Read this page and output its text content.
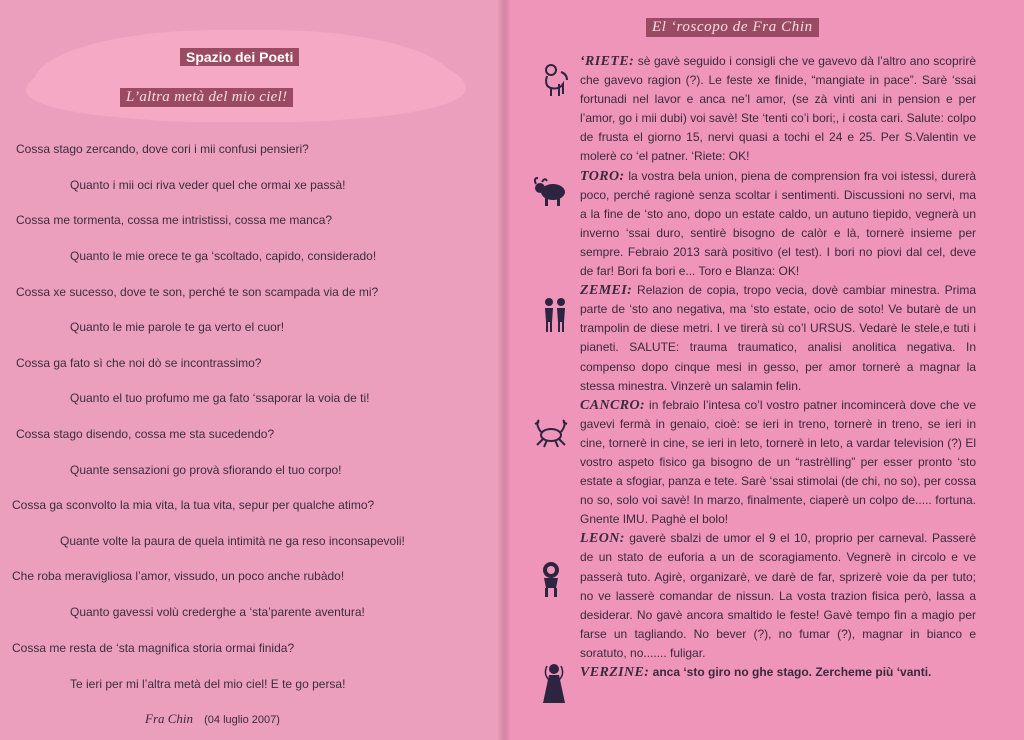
Spazio dei Poeti
L’altra metà del mio ciel!
Cossa stago zercando, dove cori i mii confusi pensieri?
Quanto i mii oci riva veder quel che ormai xe passà!
Cossa me tormenta, cossa me intristissi, cossa me manca?
Quanto le mie orece te ga ‘scoltado, capido, considerado!
Cossa xe sucesso, dove te son, perché te son scampada via de mi?
Quanto le mie parole te ga verto el cuor!
Cossa ga fato sì che noi dò se incontrassimo?
Quanto el tuo profumo me ga fato ‘ssaporar la voia de ti!
Cossa stago disendo, cossa me sta sucedendo?
Quante sensazioni go provà sfiorando el tuo corpo!
Cossa ga sconvolto la mia vita, la tua vita, sepur per qualche atimo?
Quante volte la paura de quela intimità ne ga reso inconsapevoli!
Che roba meravigliosa l’amor, vissudo, un poco anche rubàdo!
Quanto gavessi volù crederghe a ‘sta’parente aventura!
Cossa me resta de ‘sta magnifica storia ormai finida?
Te ieri per mi l’altra metà del mio ciel! E te go persa!
Fra Chin (04 luglio 2007)
El ‘roscopo de Fra Chin

‘RIETE: sè gavè seguido i consigli che ve gavevo dà l’altro ano scoprirè che gavevo ragion (?). Le feste xe finide, “mangiate in pace”. Sarè ‘ssai fortunadi nel lavor e anca ne’l amor, (se zà vinti ani in pension e per l’amor, go i mii dubi) voi savè! Ste ‘tenti co’i bori;, i costa cari. Salute: colpo de frusta el giorno 15, nervi quasi a tochi el 24 e 25. Per S.Valentin ve molerè co ‘el patner. ‘Riete: OK!

TORO: la vostra bela union, piena de comprension fra voi istessi, durerà poco, perché ragionè senza scoltar i sentimenti. Discussioni no servi, ma a la fine de ‘sto ano, dopo un estate caldo, un autuno tiepido, vegnerà un inverno ‘ssai duro, sentirè bisogno de calòr e là, tornerè insieme per sempre. Febraio 2013 sarà positivo (el test). I bori no piovi dal cel, deve de far! Bori fa bori e... Toro e Blanza: OK!

ZEMEI: Relazion de copia, tropo vecia, dovè cambiar minestra. Prima parte de ‘sto ano negativa, ma ‘sto estate, ocio de soto! Ve butarè de un trampolin de diese metri. I ve tirerà sù co’l URSUS. Vedarè le stele,e tuti i pianeti. SALUTE: trauma traumatico, analisi anolitica negativa. In compenso dopo cinque mesi in gesso, per amor tornerè a magnar la stessa minestra. Vinzerè un salamin felin.

CANCRO: in febraio l’intesa co’l vostro patner incomincerà dove che ve gavevi fermà in genaio, cioè: se ieri in treno, tornerè in treno, se ieri in cine, tornerè in cine, se ieri in leto, tornerè in leto, a vardar television (?) El vostro aspeto fisico ga bisogno de un “rastrèlling” per esser pronto ‘sto estate a sfogiar, panza e tete. Sarè ‘ssai stimolai (de chi, no so), per cossa no so, solo voi savè! In marzo, finalmente, ciaperè un colpo de..... fortuna. Gnente IMU. Paghè el bolo!

LEON: gaverè sbalzi de umor el 9 el 10, proprio per carneval. Passerè de un stato de euforia a un de scoragiamento. Vegnerè in circolo e ve passerà tuto. Agirè, organizarè, ve darè de far, sprizerè voie da per tuto; no ve lasserè comandar de nissun. La vosta trazion fisica però, lassa a desiderar. No gavè ancora smaltido le feste! Gavè tempo fin a magio per farse un tagliando. No bever (?), no fumar (?), magnar in bianco e soratuto, no....... fuligar.

VERZINE: anca ‘sto giro no ghe stago. Zercheme più ‘vanti.
